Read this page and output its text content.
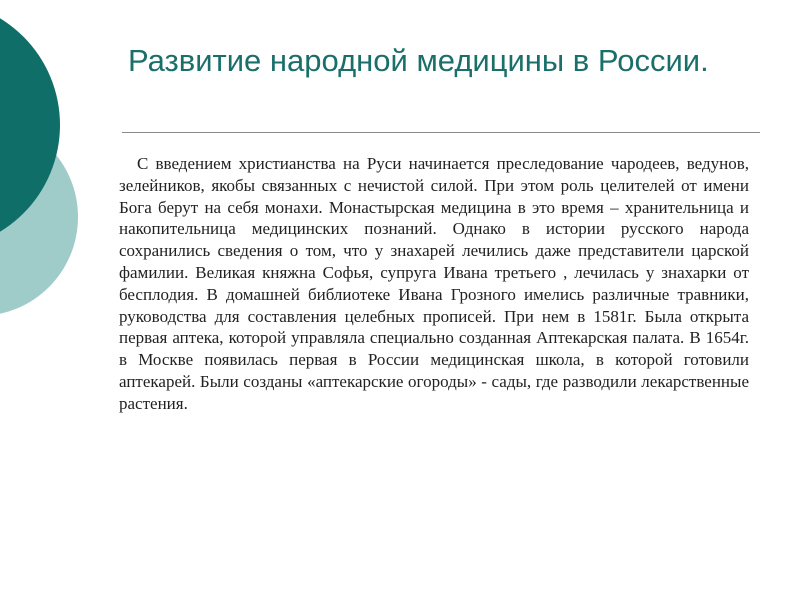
Развитие народной медицины в России.

С введением христианства на Руси начинается преследование чародеев, ведунов, зелейников, якобы связанных с нечистой силой. При этом роль целителей от имени Бога берут на себя монахи. Монастырская медицина в это время – хранительница и накопительница медицинских познаний. Однако в истории русского народа сохранились сведения о том, что у знахарей лечились даже представители царской фамилии. Великая княжна Софья, супруга Ивана третьего , лечилась у знахарки от бесплодия. В домашней библиотеке Ивана Грозного имелись различные травники, руководства для составления целебных прописей. При нем в 1581г. Была открыта первая аптека, которой управляла специально созданная Аптекарская палата. В 1654г. в Москве появилась первая в России медицинская школа, в которой готовили аптекарей. Были созданы «аптекарские огороды» - сады, где разводили лекарственные растения.
